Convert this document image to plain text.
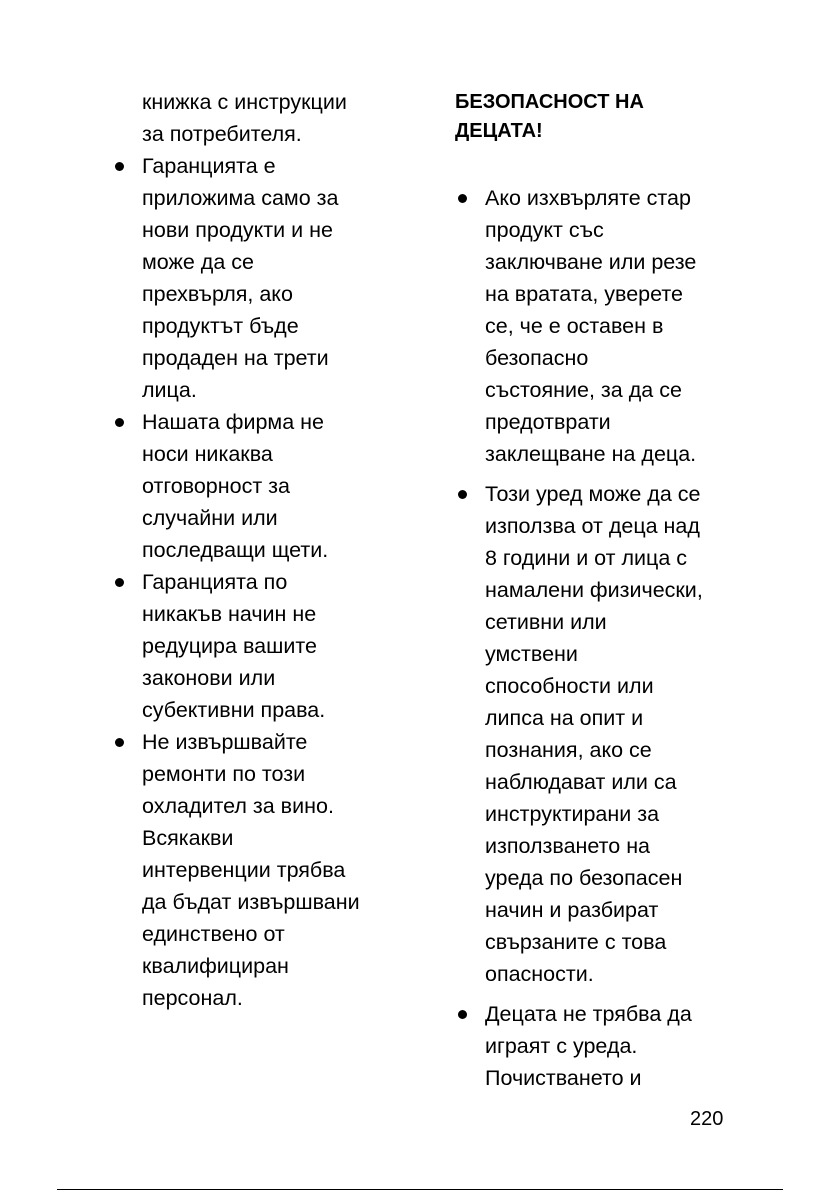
книжка с инструкции
за потребителя.
Гаранцията е
приложима само за
нови продукти и не
може да се
прехвърля, ако
продуктът бъде
продаден на трети
лица.
Нашата фирма не
носи никаква
отговорност за
случайни или
последващи щети.
Гаранцията по
никакъв начин не
редуцира вашите
законови или
субективни права.
Не извършвайте
ремонти по този
охладител за вино.
Всякакви
интервенции трябва
да бъдат извършвани
единствено от
квалифициран
персонал.
БЕЗОПАСНОСТ НА
ДЕЦАТА!
Ако изхвърляте стар
продукт със
заключване или резе
на вратата, уверете
се, че е оставен в
безопасно
състояние, за да се
предотврати
заклещване на деца.
Този уред може да се
използва от деца над
8 години и от лица с
намалени физически,
сетивни или
умствени
способности или
липса на опит и
познания, ако се
наблюдават или са
инструктирани за
използването на
уреда по безопасен
начин и разбират
свързаните с това
опасности.
Децата не трябва да
играят с уреда.
Почистването и
220
